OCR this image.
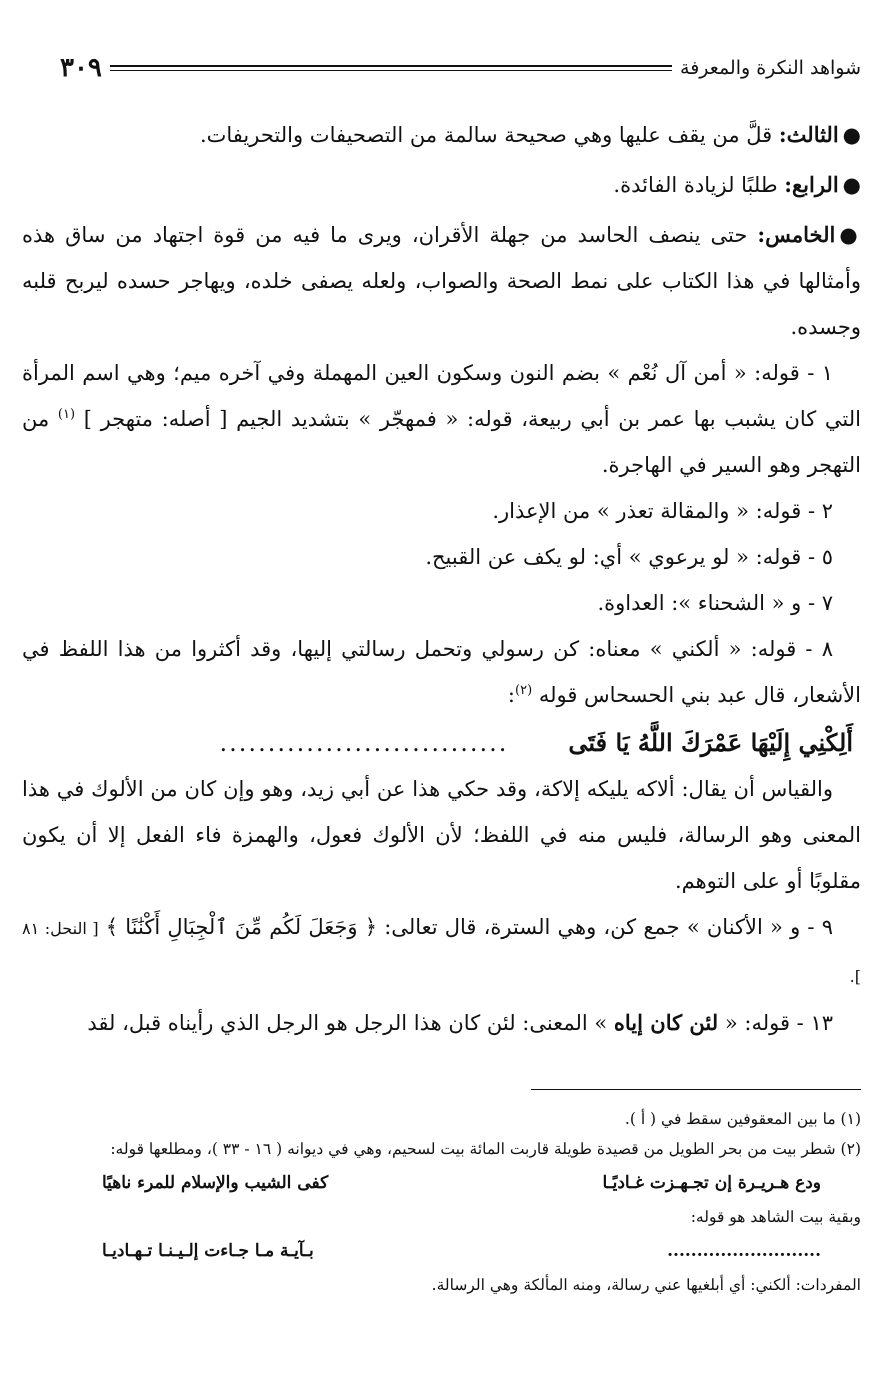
شواهد النكرة والمعرفة
٣٠٩

●الثالث: قلَّ من يقف عليها وهي صحيحة سالمة من التصحيفات والتحريفات.

●الرابع: طلبًا لزيادة الفائدة.

●الخامس: حتى ينصف الحاسد من جهلة الأقران، ويرى ما فيه من قوة اجتهاد من ساق هذه وأمثالها في هذا الكتاب على نمط الصحة والصواب، ولعله يصفى خلده، ويهاجر حسده ليربح قلبه وجسده.

١ - قوله: « أمن آل نُعْم » بضم النون وسكون العين المهملة وفي آخره ميم؛ وهي اسم المرأة التي كان يشبب بها عمر بن أبي ربيعة، قوله: « فمهجّر » بتشديد الجيم [ أصله: متهجر ] $^{(١)}$ من التهجر وهو السير في الهاجرة.

٢ - قوله: « والمقالة تعذر » من الإعذار.

٥ - قوله: « لو يرعوي » أي: لو يكف عن القبيح.

٧ - و « الشحناء »: العداوة.

٨ - قوله: « ألكني » معناه: كن رسولي وتحمل رسالتي إليها، وقد أكثروا من هذا اللفظ في الأشعار، قال عبد بني الحسحاس قوله $^{(٢)}$:

أَلِكْنِي إِلَيْهَا عَمْرَكَ اللَّهُ يَا فَتَى
..............................

والقياس أن يقال: ألاكه يليكه إلاكة، وقد حكي هذا عن أبي زيد، وهو وإن كان من الألوك في هذا المعنى وهو الرسالة، فليس منه في اللفظ؛ لأن الألوك فعول، والهمزة فاء الفعل إلا أن يكون مقلوبًا أو على التوهم.

٩ - و « الأكنان » جمع كن، وهي السترة، قال تعالى: ﴿ وَجَعَلَ لَكُم مِّنَ ٱلْجِبَالِ أَكْنَٰنًا ﴾ [ النحل: ٨١ ].

١٣ - قوله: « لئن كان إياه » المعنى: لئن كان هذا الرجل هو الرجل الذي رأيناه قبل، لقد

(١) ما بين المعقوفين سقط في ( أ ).

(٢) شطر بيت من بحر الطويل من قصيدة طويلة قاربت المائة بيت لسحيم، وهي في ديوانه ( ١٦ - ٣٣ )، ومطلعها قوله:

ودع هـريـرة إن تجـهـزت غـاديًـا
كفى الشيب والإسلام للمرء ناهيًا

وبقية بيت الشاهد هو قوله:

..........................
بـآيـة مـا جـاءت إلـيـنـا تـهـاديـا

المفردات: ألكني: أي أبلغيها عني رسالة، ومنه المألكة وهي الرسالة.
